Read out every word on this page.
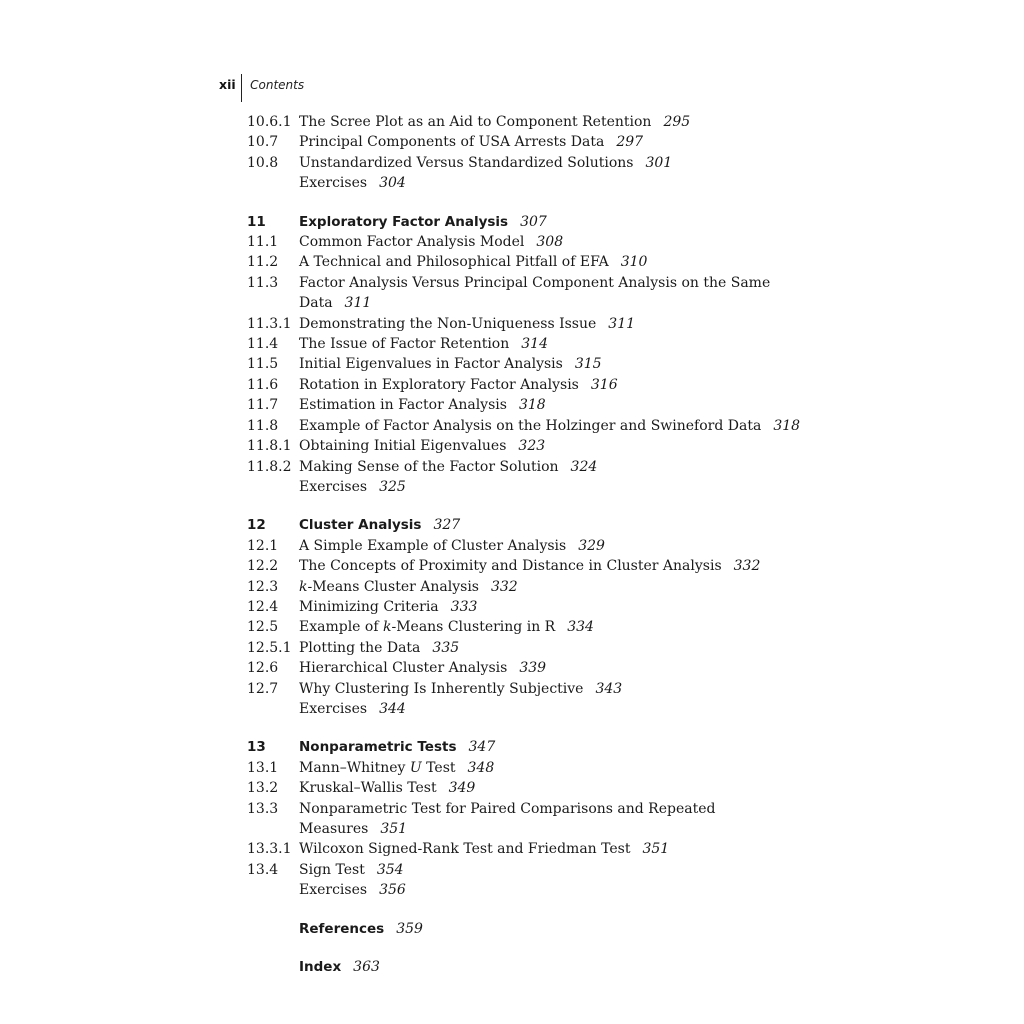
xii Contents
10.6.1 The Scree Plot as an Aid to Component Retention 295
10.7 Principal Components of USA Arrests Data 297
10.8 Unstandardized Versus Standardized Solutions 301
Exercises 304
11 Exploratory Factor Analysis 307
11.1 Common Factor Analysis Model 308
11.2 A Technical and Philosophical Pitfall of EFA 310
11.3 Factor Analysis Versus Principal Component Analysis on the Same
Data 311
11.3.1 Demonstrating the Non-Uniqueness Issue 311
11.4 The Issue of Factor Retention 314
11.5 Initial Eigenvalues in Factor Analysis 315
11.6 Rotation in Exploratory Factor Analysis 316
11.7 Estimation in Factor Analysis 318
11.8 Example of Factor Analysis on the Holzinger and Swineford Data 318
11.8.1 Obtaining Initial Eigenvalues 323
11.8.2 Making Sense of the Factor Solution 324
Exercises 325
12 Cluster Analysis 327
12.1 A Simple Example of Cluster Analysis 329
12.2 The Concepts of Proximity and Distance in Cluster Analysis 332
12.3 k-Means Cluster Analysis 332
12.4 Minimizing Criteria 333
12.5 Example of k-Means Clustering in R 334
12.5.1 Plotting the Data 335
12.6 Hierarchical Cluster Analysis 339
12.7 Why Clustering Is Inherently Subjective 343
Exercises 344
13 Nonparametric Tests 347
13.1 Mann–Whitney U Test 348
13.2 Kruskal–Wallis Test 349
13.3 Nonparametric Test for Paired Comparisons and Repeated
Measures 351
13.3.1 Wilcoxon Signed-Rank Test and Friedman Test 351
13.4 Sign Test 354
Exercises 356
References 359
Index 363
